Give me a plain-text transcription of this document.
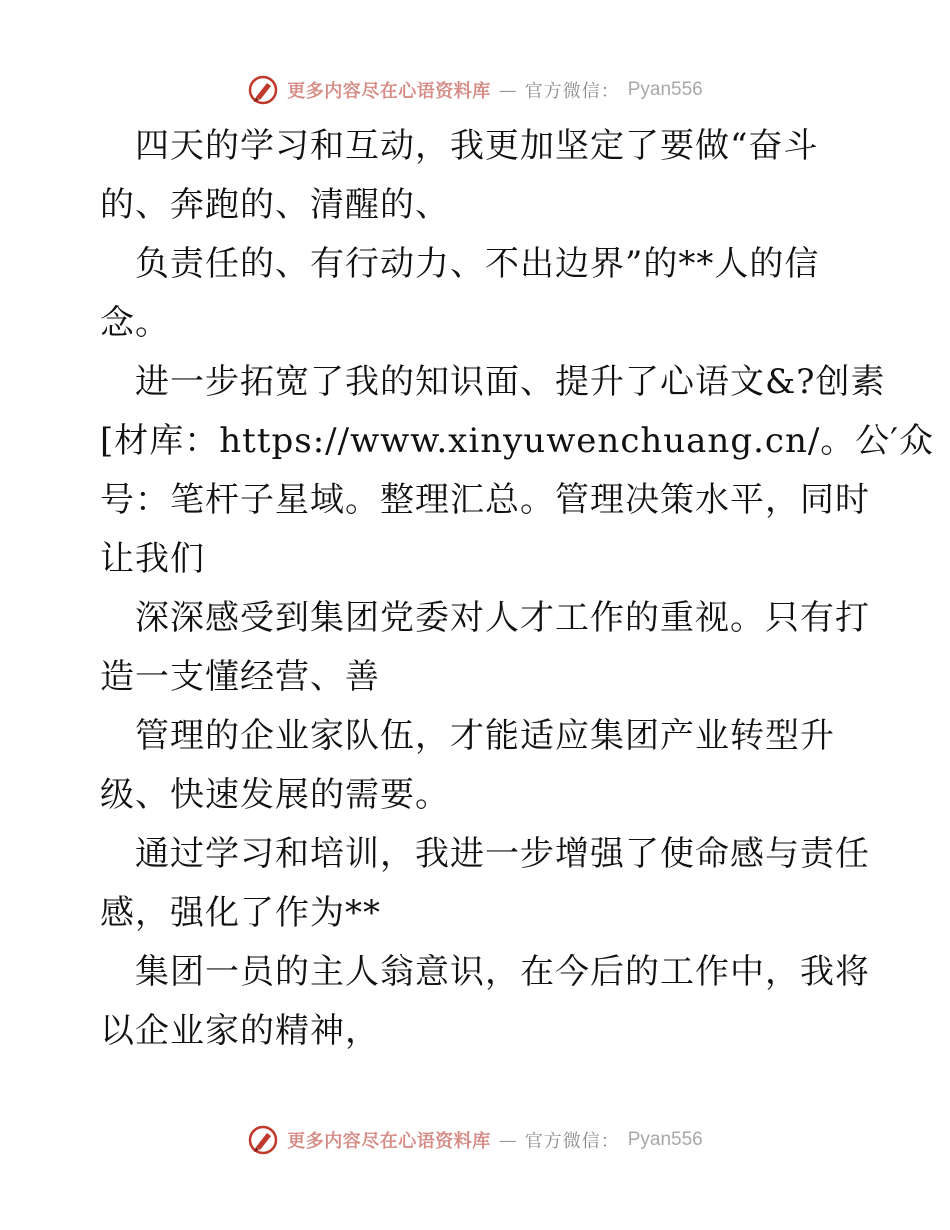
更多内容尽在心语资料库 — 官方微信： Pyan556
四天的学习和互动，我更加坚定了要做“奋斗
的、奔跑的、清醒的、
负责任的、有行动力、不出边界”的**人的信
念。
进一步拓宽了我的知识面、提升了心语文&?创素
[材库：https://www.xinyuwenchuang.cn/。公′众
号：笔杆子星域。整理汇总。管理决策水平，同时
让我们
深深感受到集团党委对人才工作的重视。只有打
造一支懂经营、善
管理的企业家队伍，才能适应集团产业转型升
级、快速发展的需要。
通过学习和培训，我进一步增强了使命感与责任
感，强化了作为**
集团一员的主人翁意识，在今后的工作中，我将
以企业家的精神，
更多内容尽在心语资料库 — 官方微信： Pyan556
